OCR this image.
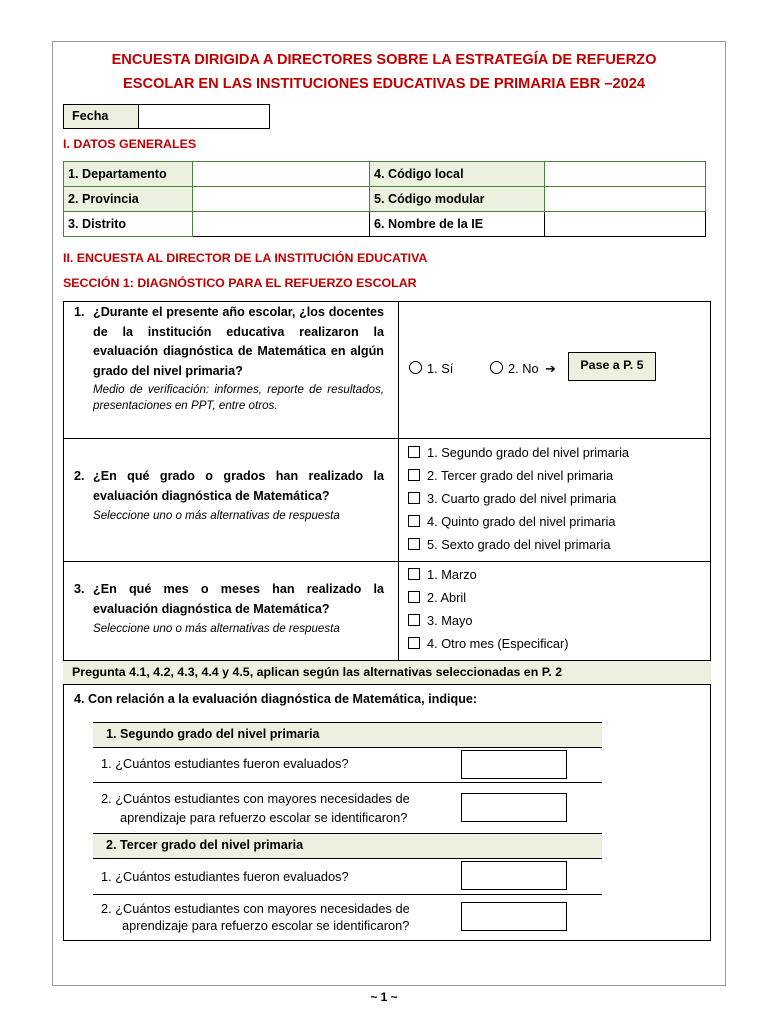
ENCUESTA DIRIGIDA A DIRECTORES SOBRE LA ESTRATEGÍA DE REFUERZO
ESCOLAR EN LAS INSTITUCIONES EDUCATIVAS DE PRIMARIA EBR –2024
Fecha
I. DATOS GENERALES
1. Departamento		4. Código local	
2. Provincia		5. Código modular	
3. Distrito		6. Nombre de la IE	
II. ENCUESTA AL DIRECTOR DE LA INSTITUCIÓN EDUCATIVA
SECCIÓN 1: DIAGNÓSTICO PARA EL REFUERZO ESCOLAR
1. ¿Durante el presente año escolar, ¿los docentes de la institución educativa realizaron la evaluación diagnóstica de Matemática en algún grado del nivel primaria?
Medio de verificación: informes, reporte de resultados, presentaciones en PPT, entre otros.
1. Sí	2. No ➔	Pase a P. 5
2. ¿En qué grado o grados han realizado la evaluación diagnóstica de Matemática?
Seleccione uno o más alternativas de respuesta
1. Segundo grado del nivel primaria
2. Tercer grado del nivel primaria
3. Cuarto grado del nivel primaria
4. Quinto grado del nivel primaria
5. Sexto grado del nivel primaria
3. ¿En qué mes o meses han realizado la evaluación diagnóstica de Matemática?
Seleccione uno o más alternativas de respuesta
1. Marzo
2. Abril
3. Mayo
4. Otro mes (Especificar)
Pregunta 4.1, 4.2, 4.3, 4.4 y 4.5, aplican según las alternativas seleccionadas en P. 2
4. Con relación a la evaluación diagnóstica de Matemática, indique:
1. Segundo grado del nivel primaria
1. ¿Cuántos estudiantes fueron evaluados?
2. ¿Cuántos estudiantes con mayores necesidades de
aprendizaje para refuerzo escolar se identificaron?
2. Tercer grado del nivel primaria
1. ¿Cuántos estudiantes fueron evaluados?
2. ¿Cuántos estudiantes con mayores necesidades de
aprendizaje para refuerzo escolar se identificaron?
~ 1 ~
